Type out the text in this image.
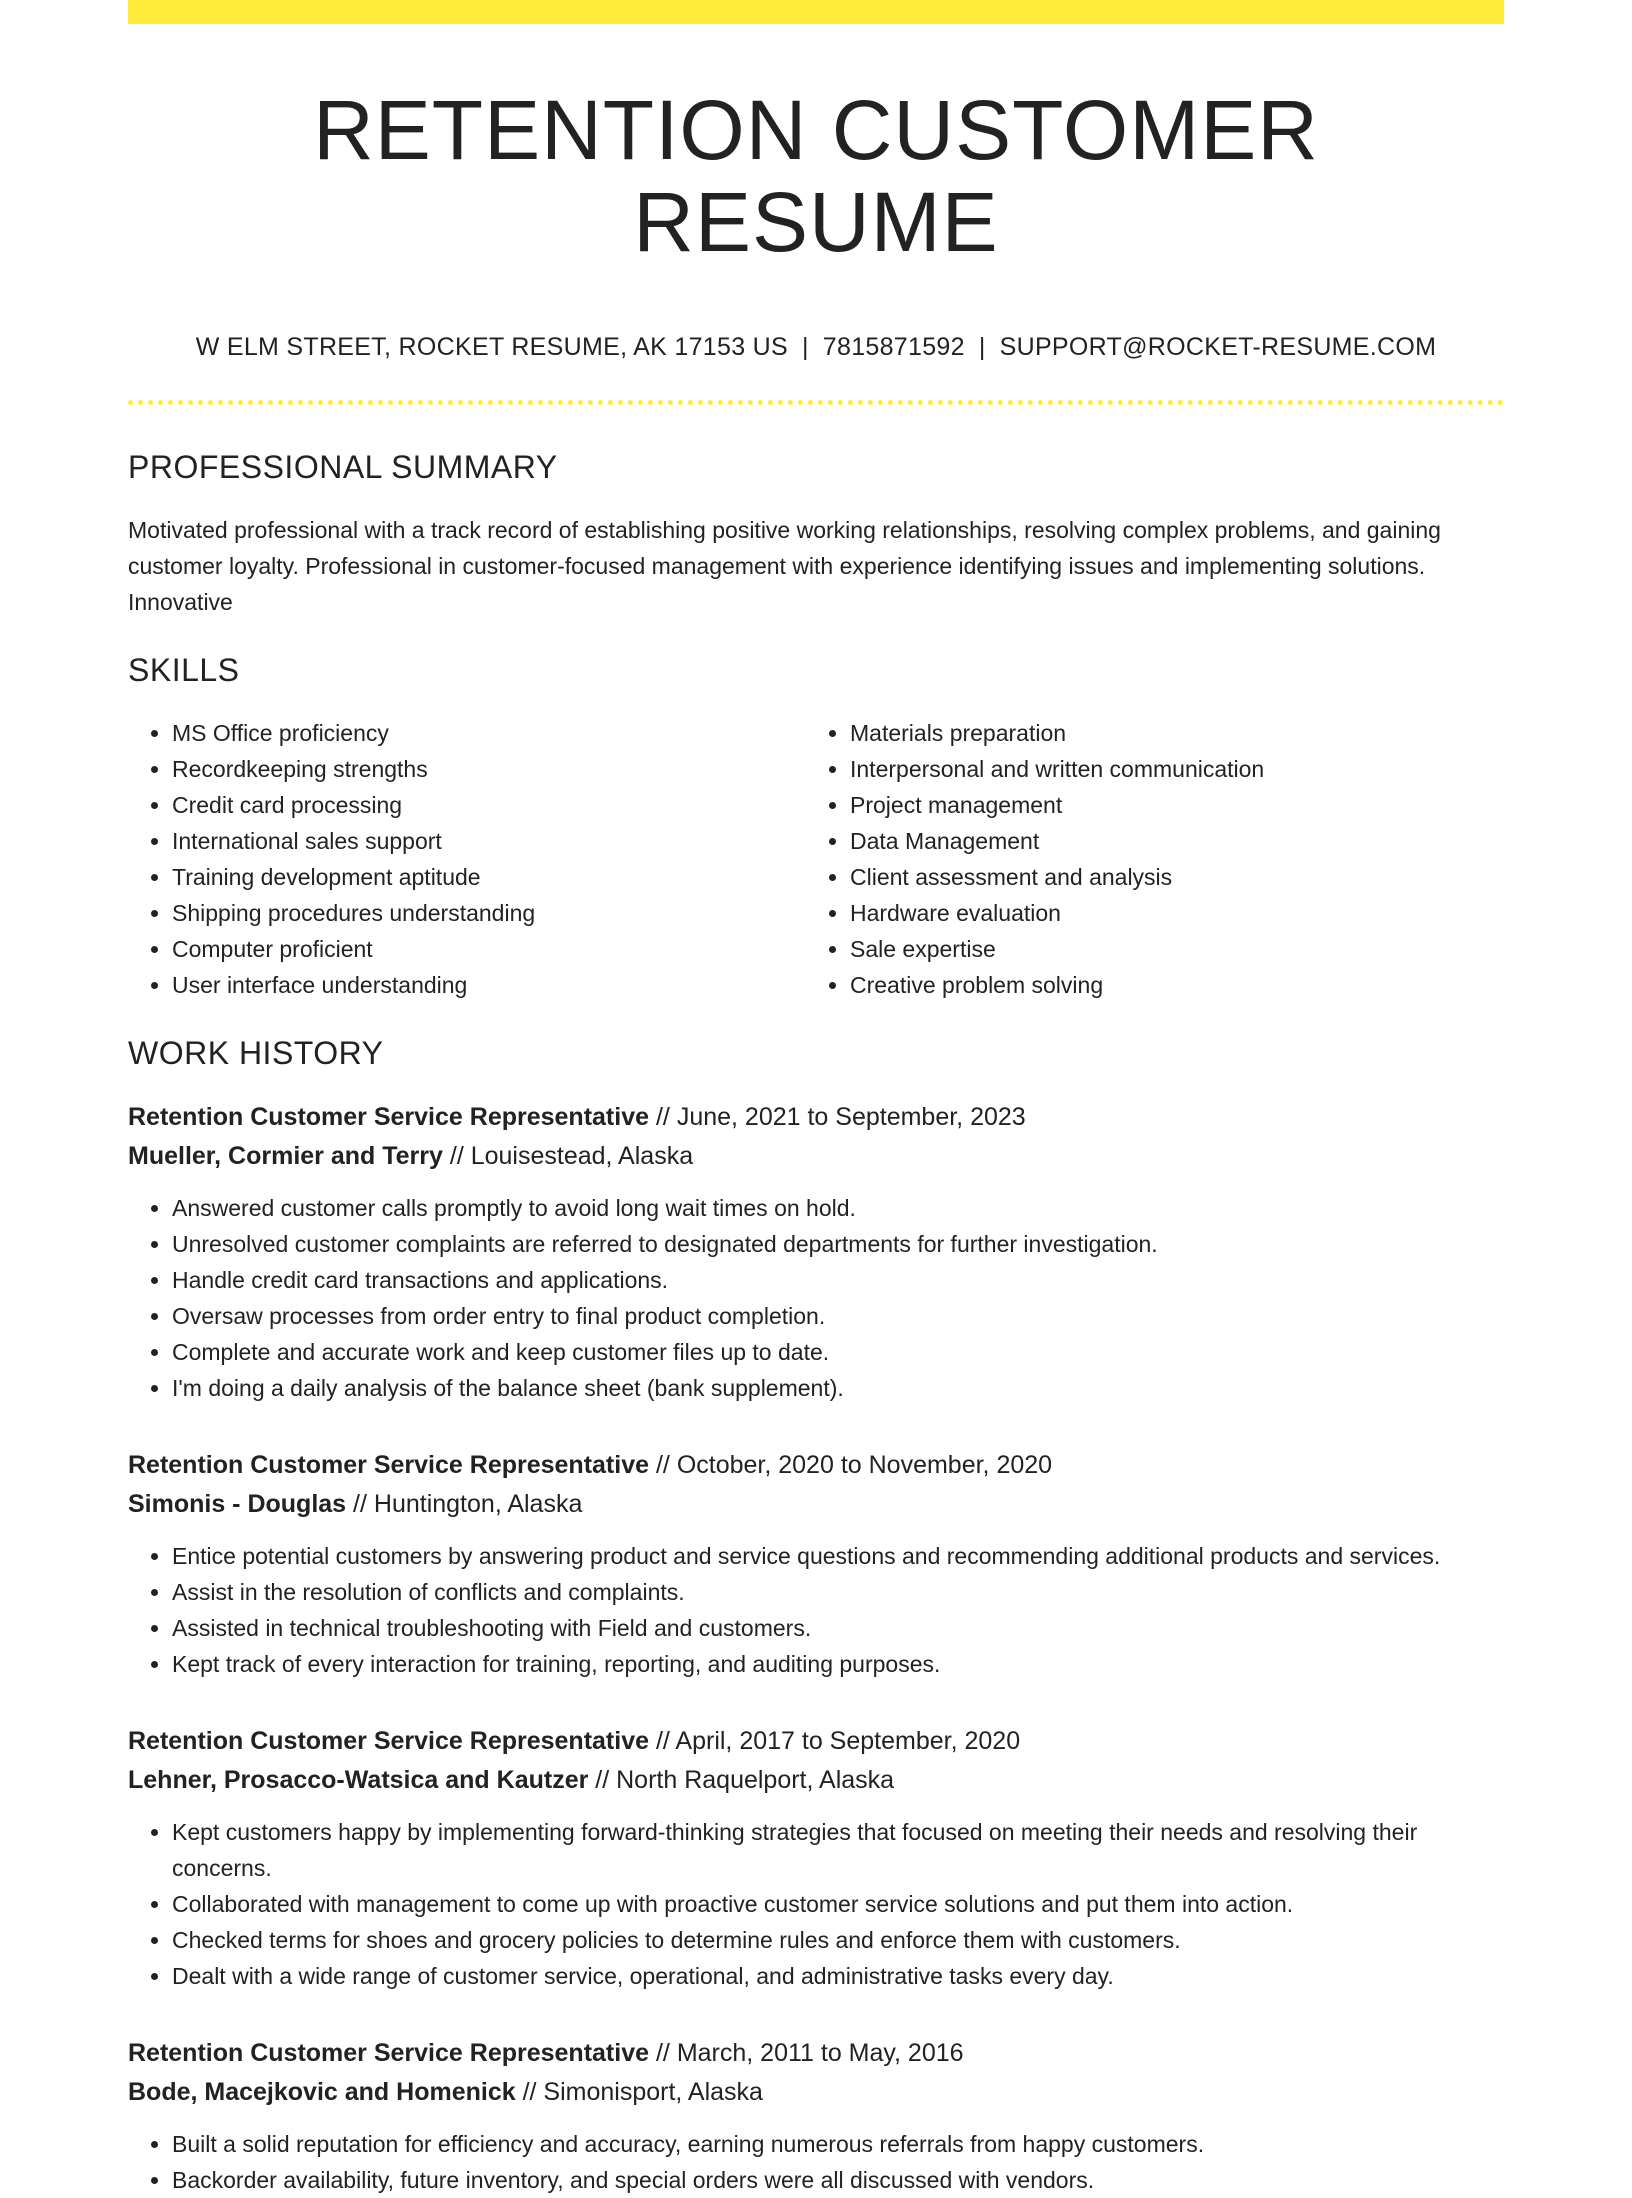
RETENTION CUSTOMER RESUME
W ELM STREET, ROCKET RESUME, AK 17153 US | 7815871592 | SUPPORT@ROCKET-RESUME.COM
PROFESSIONAL SUMMARY
Motivated professional with a track record of establishing positive working relationships, resolving complex problems, and gaining customer loyalty. Professional in customer-focused management with experience identifying issues and implementing solutions. Innovative
SKILLS
• MS Office proficiency
• Recordkeeping strengths
• Credit card processing
• International sales support
• Training development aptitude
• Shipping procedures understanding
• Computer proficient
• User interface understanding
• Materials preparation
• Interpersonal and written communication
• Project management
• Data Management
• Client assessment and analysis
• Hardware evaluation
• Sale expertise
• Creative problem solving
WORK HISTORY
Retention Customer Service Representative // June, 2021 to September, 2023
Mueller, Cormier and Terry // Louisestead, Alaska
• Answered customer calls promptly to avoid long wait times on hold.
• Unresolved customer complaints are referred to designated departments for further investigation.
• Handle credit card transactions and applications.
• Oversaw processes from order entry to final product completion.
• Complete and accurate work and keep customer files up to date.
• I'm doing a daily analysis of the balance sheet (bank supplement).
Retention Customer Service Representative // October, 2020 to November, 2020
Simonis - Douglas // Huntington, Alaska
• Entice potential customers by answering product and service questions and recommending additional products and services.
• Assist in the resolution of conflicts and complaints.
• Assisted in technical troubleshooting with Field and customers.
• Kept track of every interaction for training, reporting, and auditing purposes.
Retention Customer Service Representative // April, 2017 to September, 2020
Lehner, Prosacco-Watsica and Kautzer // North Raquelport, Alaska
• Kept customers happy by implementing forward-thinking strategies that focused on meeting their needs and resolving their concerns.
• Collaborated with management to come up with proactive customer service solutions and put them into action.
• Checked terms for shoes and grocery policies to determine rules and enforce them with customers.
• Dealt with a wide range of customer service, operational, and administrative tasks every day.
Retention Customer Service Representative // March, 2011 to May, 2016
Bode, Macejkovic and Homenick // Simonisport, Alaska
• Built a solid reputation for efficiency and accuracy, earning numerous referrals from happy customers.
• Backorder availability, future inventory, and special orders were all discussed with vendors.
